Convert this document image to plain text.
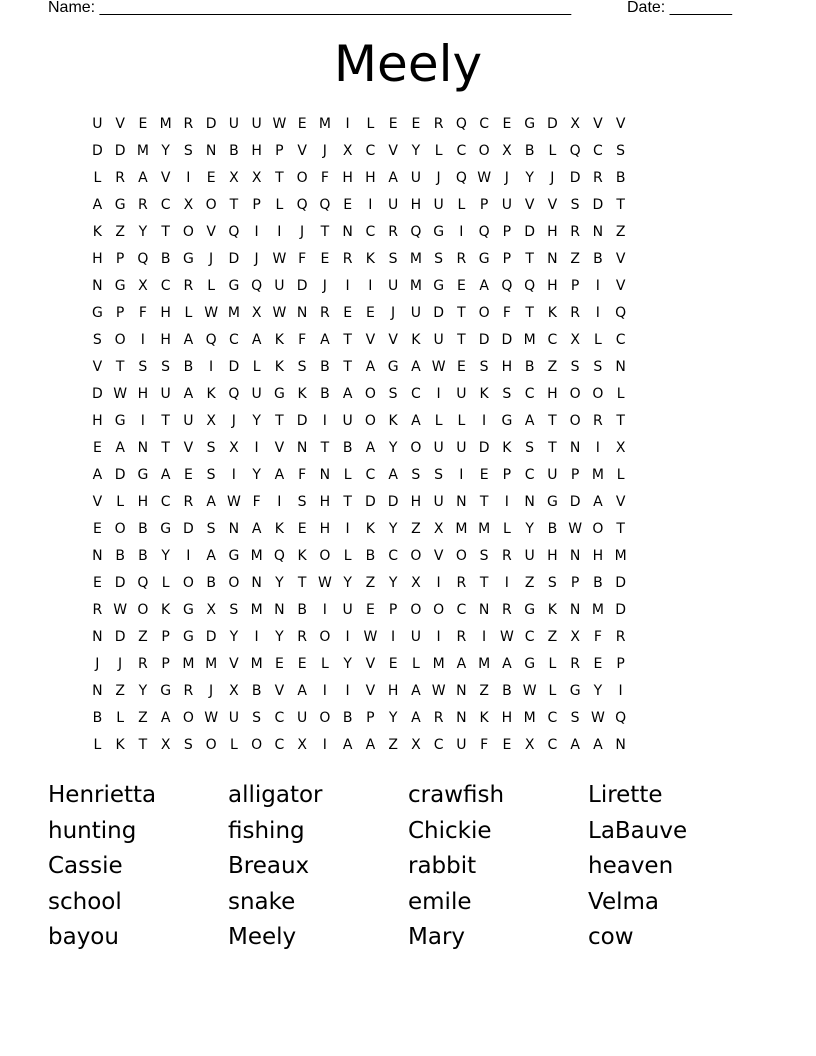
Name: _____________________________________________________	Date: _______
Meely
U V E M R D U U W E M	I	L	E E R Q C E G D X V V
D D M Y	S N B H P V	J	X C V Y	L C O X B	L Q C S
L R A V	I	E X X T O F H H A U	J	Q W J	Y	J	D R B
A G R C X O T	P	L Q Q E	I	U H U L	P U V V S D T
K Z Y	T O V Q	I	I	J	T N C R Q G	I	Q P D H R N Z
H P Q B G	J	D	J W F	E R K S M S R G P	T N Z B V
N G X C R L G Q U D	J	I	I	U M G E A Q Q H P	I	V
G P	F H L W M X W N R E E	J	U D T O F	T K R	I	Q
S O	I	H A Q C A K	F A T V V K U T D D M C X	L C
V T	S S B	I	D L	K S B T A G A W E S H B Z S S N
D W H U A K Q U G K B A O S C	I	U K S C H O O L
H G	I	T U X	J	Y	T D	I	U O K A	L	L	I	G A T O R T
E A N T V S X	I	V N T B A Y O U U D K S	T N	I	X
A D G A E S	I	Y A F N L C A S S	I	E	P C U P M L
V	L H C R A W F	I	S H T D D H U N T	I	N G D A V
E O B G D S N A K E H	I	K Y Z X M M L	Y B W O T
N B B Y	I	A G M Q K O L	B C O V O S R U H N H M
E D Q L O B O N Y	T W Y Z Y X	I	R T	I	Z S	P B D
R W O K G X S M N B	I	U E	P O O C N R G K N M D
N D Z P G D Y	I	Y R O	I W I	U	I	R	I W C Z X F R
J	J	R P M M V M E E	L	Y V E	L M A M A G L R E	P
N Z Y G R	J	X B V A	I	I	V H A W N Z B W L G Y	I
B	L	Z A O W U S C U O B P	Y A R N K H M C S W Q
L	K T X S O L O C X	I	A A Z X C U F	E X C A A N
Henrietta	alligator	crawfish	Lirette
hunting	fishing	Chickie	LaBauve
Cassie	Breaux	rabbit	heaven
school	snake	emile	Velma
bayou	Meely	Mary	cow
